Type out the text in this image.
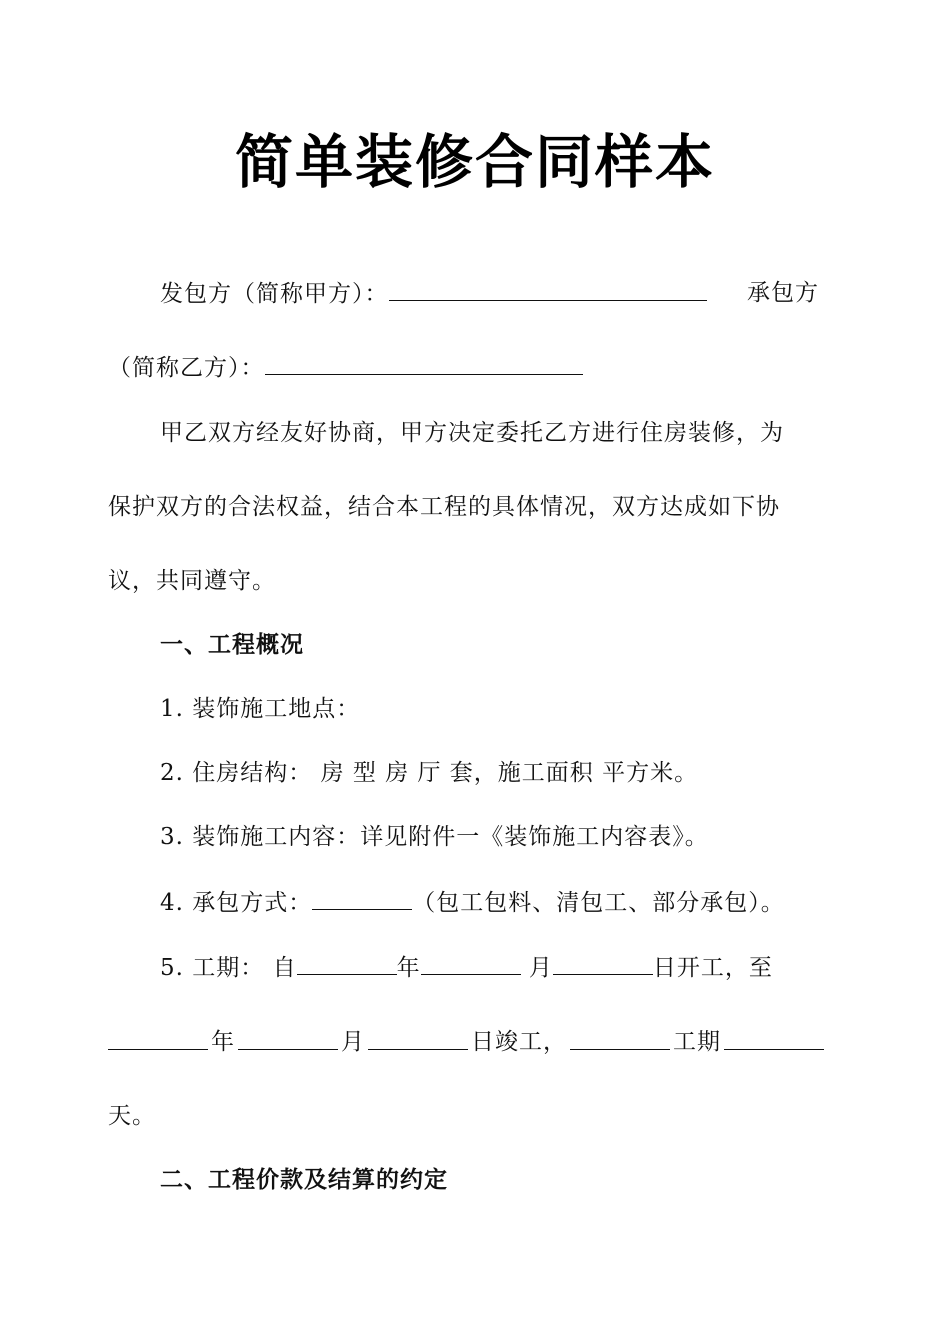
简单装修合同样本
发包方（简称甲方）：	承包方
（简称乙方）：
甲乙双方经友好协商，甲方决定委托乙方进行住房装修，为
保护双方的合法权益，结合本工程的具体情况，双方达成如下协
议，共同遵守。
一、工程概况
1. 装饰施工地点：
2. 住房结构： 房 型 房 厅 套，施工面积 平方米。
3. 装饰施工内容：详见附件一《装饰施工内容表》。
4. 承包方式：	（包工包料、清包工、部分承包）。
5. 工期： 自	年	月	日开工，至
年	月	日竣工，	工期
天。
二、工程价款及结算的约定
